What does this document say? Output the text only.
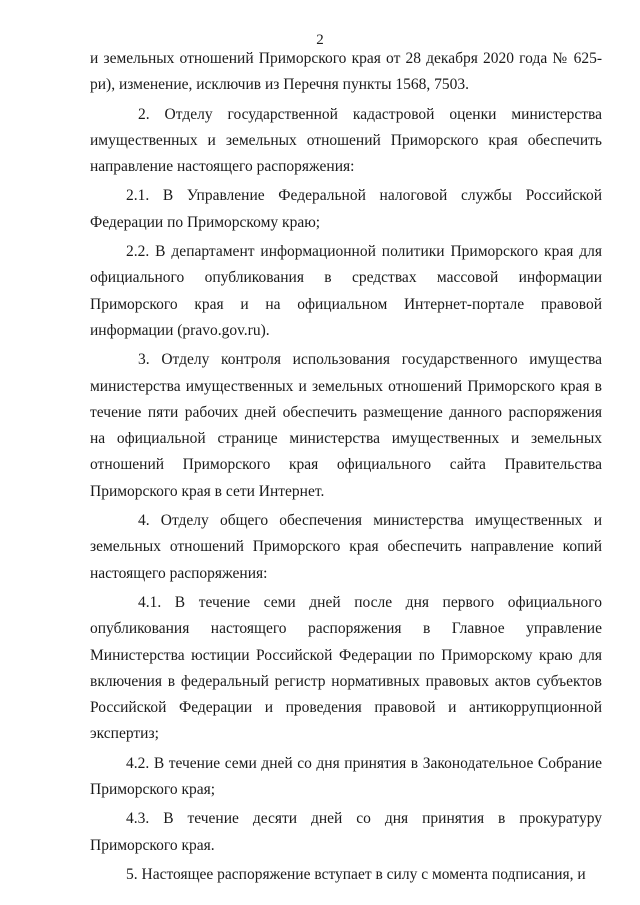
2

и земельных отношений Приморского края от 28 декабря 2020 года № 625-ри), изменение, исключив из Перечня пункты 1568, 7503.

2. Отделу государственной кадастровой оценки министерства имущественных и земельных отношений Приморского края обеспечить направление настоящего распоряжения:

2.1. В Управление Федеральной налоговой службы Российской Федерации по Приморскому краю;

2.2. В департамент информационной политики Приморского края для официального опубликования в средствах массовой информации Приморского края и на официальном Интернет-портале правовой информации (pravo.gov.ru).

3. Отделу контроля использования государственного имущества министерства имущественных и земельных отношений Приморского края в течение пяти рабочих дней обеспечить размещение данного распоряжения на официальной странице министерства имущественных и земельных отношений Приморского края официального сайта Правительства Приморского края в сети Интернет.

4. Отделу общего обеспечения министерства имущественных и земельных отношений Приморского края обеспечить направление копий настоящего распоряжения:

4.1. В течение семи дней после дня первого официального опубликования настоящего распоряжения в Главное управление Министерства юстиции Российской Федерации по Приморскому краю для включения в федеральный регистр нормативных правовых актов субъектов Российской Федерации и проведения правовой и антикоррупционной экспертиз;

4.2. В течение семи дней со дня принятия в Законодательное Собрание Приморского края;

4.3. В течение десяти дней со дня принятия в прокуратуру Приморского края.

5. Настоящее распоряжение вступает в силу с момента подписания, и
